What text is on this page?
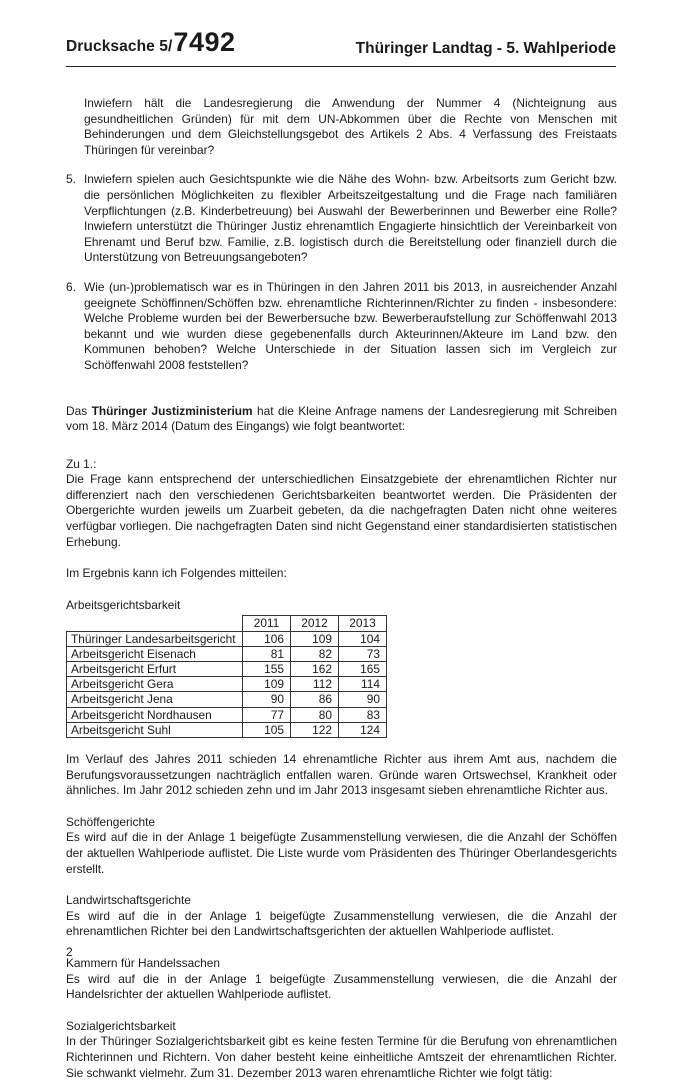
Drucksache 5/7492	Thüringer Landtag - 5. Wahlperiode

Inwiefern hält die Landesregierung die Anwendung der Nummer 4 (Nichteignung aus gesundheitlichen Gründen) für mit dem UN-Abkommen über die Rechte von Menschen mit Behinderungen und dem Gleichstellungsgebot des Artikels 2 Abs. 4 Verfassung des Freistaats Thüringen für vereinbar?

5. Inwiefern spielen auch Gesichtspunkte wie die Nähe des Wohn- bzw. Arbeitsorts zum Gericht bzw. die persönlichen Möglichkeiten zu flexibler Arbeitszeitgestaltung und die Frage nach familiären Verpflichtungen (z.B. Kinderbetreuung) bei Auswahl der Bewerberinnen und Bewerber eine Rolle? Inwiefern unterstützt die Thüringer Justiz ehrenamtlich Engagierte hinsichtlich der Vereinbarkeit von Ehrenamt und Beruf bzw. Familie, z.B. logistisch durch die Bereitstellung oder finanziell durch die Unterstützung von Betreuungsangeboten?
6. Wie (un-)problematisch war es in Thüringen in den Jahren 2011 bis 2013, in ausreichender Anzahl geeignete Schöffinnen/Schöffen bzw. ehrenamtliche Richterinnen/Richter zu finden - insbesondere: Welche Probleme wurden bei der Bewerbersuche bzw. Bewerberaufstellung zur Schöffenwahl 2013 bekannt und wie wurden diese gegebenenfalls durch Akteurinnen/Akteure im Land bzw. den Kommunen behoben? Welche Unterschiede in der Situation lassen sich im Vergleich zur Schöffenwahl 2008 feststellen?

Das Thüringer Justizministerium hat die Kleine Anfrage namens der Landesregierung mit Schreiben vom 18. März 2014 (Datum des Eingangs) wie folgt beantwortet:

Zu 1.:

Die Frage kann entsprechend der unterschiedlichen Einsatzgebiete der ehrenamtlichen Richter nur differenziert nach den verschiedenen Gerichtsbarkeiten beantwortet werden. Die Präsidenten der Obergerichte wurden jeweils um Zuarbeit gebeten, da die nachgefragten Daten nicht ohne weiteres verfügbar vorliegen. Die nachgefragten Daten sind nicht Gegenstand einer standardisierten statistischen Erhebung.

Im Ergebnis kann ich Folgendes mitteilen:

Arbeitsgerichtsbarkeit

	2011	2012	2013
Thüringer Landesarbeitsgericht	106	109	104
Arbeitsgericht Eisenach	81	82	73
Arbeitsgericht Erfurt	155	162	165
Arbeitsgericht Gera	109	112	114
Arbeitsgericht Jena	90	86	90
Arbeitsgericht Nordhausen	77	80	83
Arbeitsgericht Suhl	105	122	124

Im Verlauf des Jahres 2011 schieden 14 ehrenamtliche Richter aus ihrem Amt aus, nachdem die Berufungsvoraussetzungen nachträglich entfallen waren. Gründe waren Ortswechsel, Krankheit oder ähnliches. Im Jahr 2012 schieden zehn und im Jahr 2013 insgesamt sieben ehrenamtliche Richter aus.

Schöffengerichte

Es wird auf die in der Anlage 1 beigefügte Zusammenstellung verwiesen, die die Anzahl der Schöffen der aktuellen Wahlperiode auflistet. Die Liste wurde vom Präsidenten des Thüringer Oberlandesgerichts erstellt.

Landwirtschaftsgerichte

Es wird auf die in der Anlage 1 beigefügte Zusammenstellung verwiesen, die die Anzahl der ehrenamtlichen Richter bei den Landwirtschaftsgerichten der aktuellen Wahlperiode auflistet.

Kammern für Handelssachen

Es wird auf die in der Anlage 1 beigefügte Zusammenstellung verwiesen, die die Anzahl der Handelsrichter der aktuellen Wahlperiode auflistet.

Sozialgerichtsbarkeit

In der Thüringer Sozialgerichtsbarkeit gibt es keine festen Termine für die Berufung von ehrenamtlichen Richterinnen und Richtern. Von daher besteht keine einheitliche Amtszeit der ehrenamtlichen Richter. Sie schwankt vielmehr. Zum 31. Dezember 2013 waren ehrenamtliche Richter wie folgt tätig:

2
